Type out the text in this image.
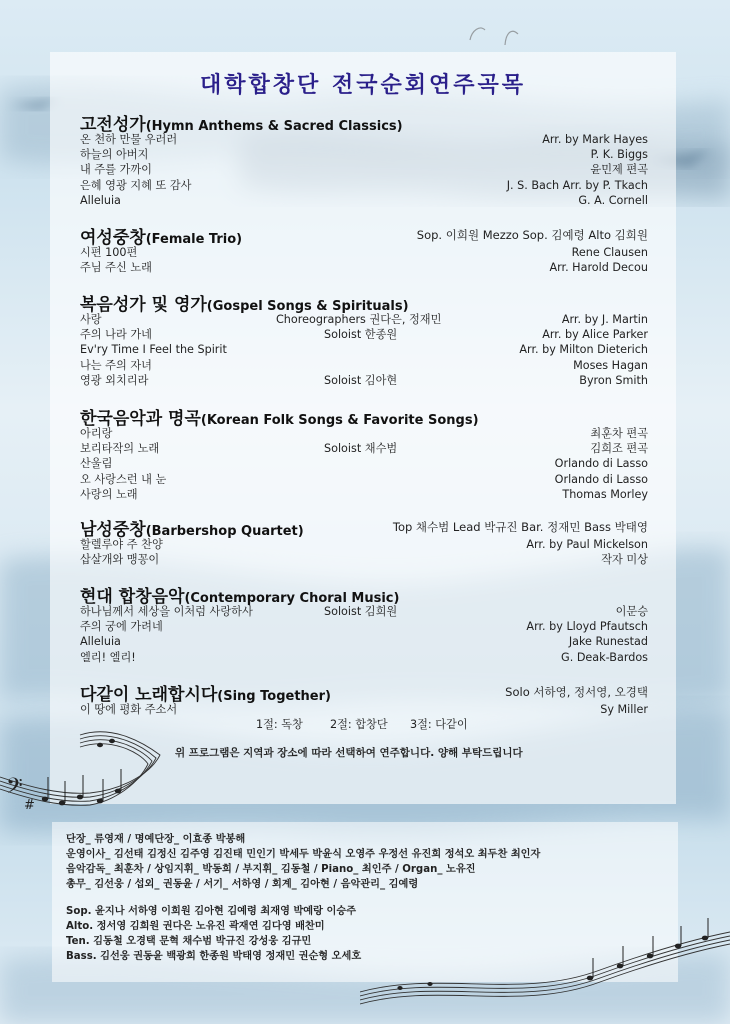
대학합창단 전국순회연주곡목
고전성가(Hymn Anthems & Sacred Classics)
온 천하 만물 우러러	Arr. by Mark Hayes
하늘의 아버지	P. K. Biggs
내 주를 가까이	윤민제 편곡
은혜 영광 지혜 또 감사	J. S. Bach Arr. by P. Tkach
Alleluia	G. A. Cornell
여성중창(Female Trio)	Sop. 이희원 Mezzo Sop. 김예령 Alto 김희원
시편 100편	Rene Clausen
주님 주신 노래	Arr. Harold Decou
복음성가 및 영가(Gospel Songs & Spirituals)
사랑	Choreographers 권다은, 정재민	Arr. by J. Martin
주의 나라 가네	Soloist 한종원	Arr. by Alice Parker
Ev'ry Time I Feel the Spirit	Arr. by Milton Dieterich
나는 주의 자녀	Moses Hagan
영광 외치리라	Soloist 김아현	Byron Smith
한국음악과 명곡(Korean Folk Songs & Favorite Songs)
아리랑	최훈차 편곡
보리타작의 노래	Soloist 채수범	김희조 편곡
산울림	Orlando di Lasso
오 사랑스런 내 눈	Orlando di Lasso
사랑의 노래	Thomas Morley
남성중창(Barbershop Quartet)	Top 채수범 Lead 박규진 Bar. 정재민 Bass 박태영
할렐루야 주 찬양	Arr. by Paul Mickelson
삽살개와 맹꽁이	작자 미상
현대 합창음악(Contemporary Choral Music)
하나님께서 세상을 이처럼 사랑하사	Soloist 김희원	이문승
주의 궁에 가려네	Arr. by Lloyd Pfautsch
Alleluia	Jake Runestad
엘리! 엘리!	G. Deak-Bardos
다같이 노래합시다(Sing Together)	Solo 서하영, 정서영, 오경택
이 땅에 평화 주소서	Sy Miller
1절: 독창 2절: 합창단 3절: 다같이
위 프로그램은 지역과 장소에 따라 선택하여 연주합니다. 양해 부탁드립니다
𝄢
#
단장_ 류영재 / 명예단장_ 이효종 박봉해
운영이사_ 김선태 김정신 김주영 김진태 민인기 박세두 박윤식 오영주 우정선 유진희 정석오 최두찬 최인자
음악감독_ 최훈차 / 상임지휘_ 박동희 / 부지휘_ 김동철 / Piano_ 최인주 / Organ_ 노유진
총무_ 김선웅 / 섭외_ 권동윤 / 서기_ 서하영 / 회계_ 김아현 / 음악관리_ 김예령
Sop. 윤지나 서하영 이희원 김아현 김예령 최재영 박예랑 이승주
Alto. 정서영 김희원 권다은 노유진 곽재연 김다영 배찬미
Ten. 김동철 오경택 문혁 채수범 박규진 강성웅 김규민
Bass. 김선웅 권동윤 백광희 한종원 박태영 정재민 권순형 오세호
